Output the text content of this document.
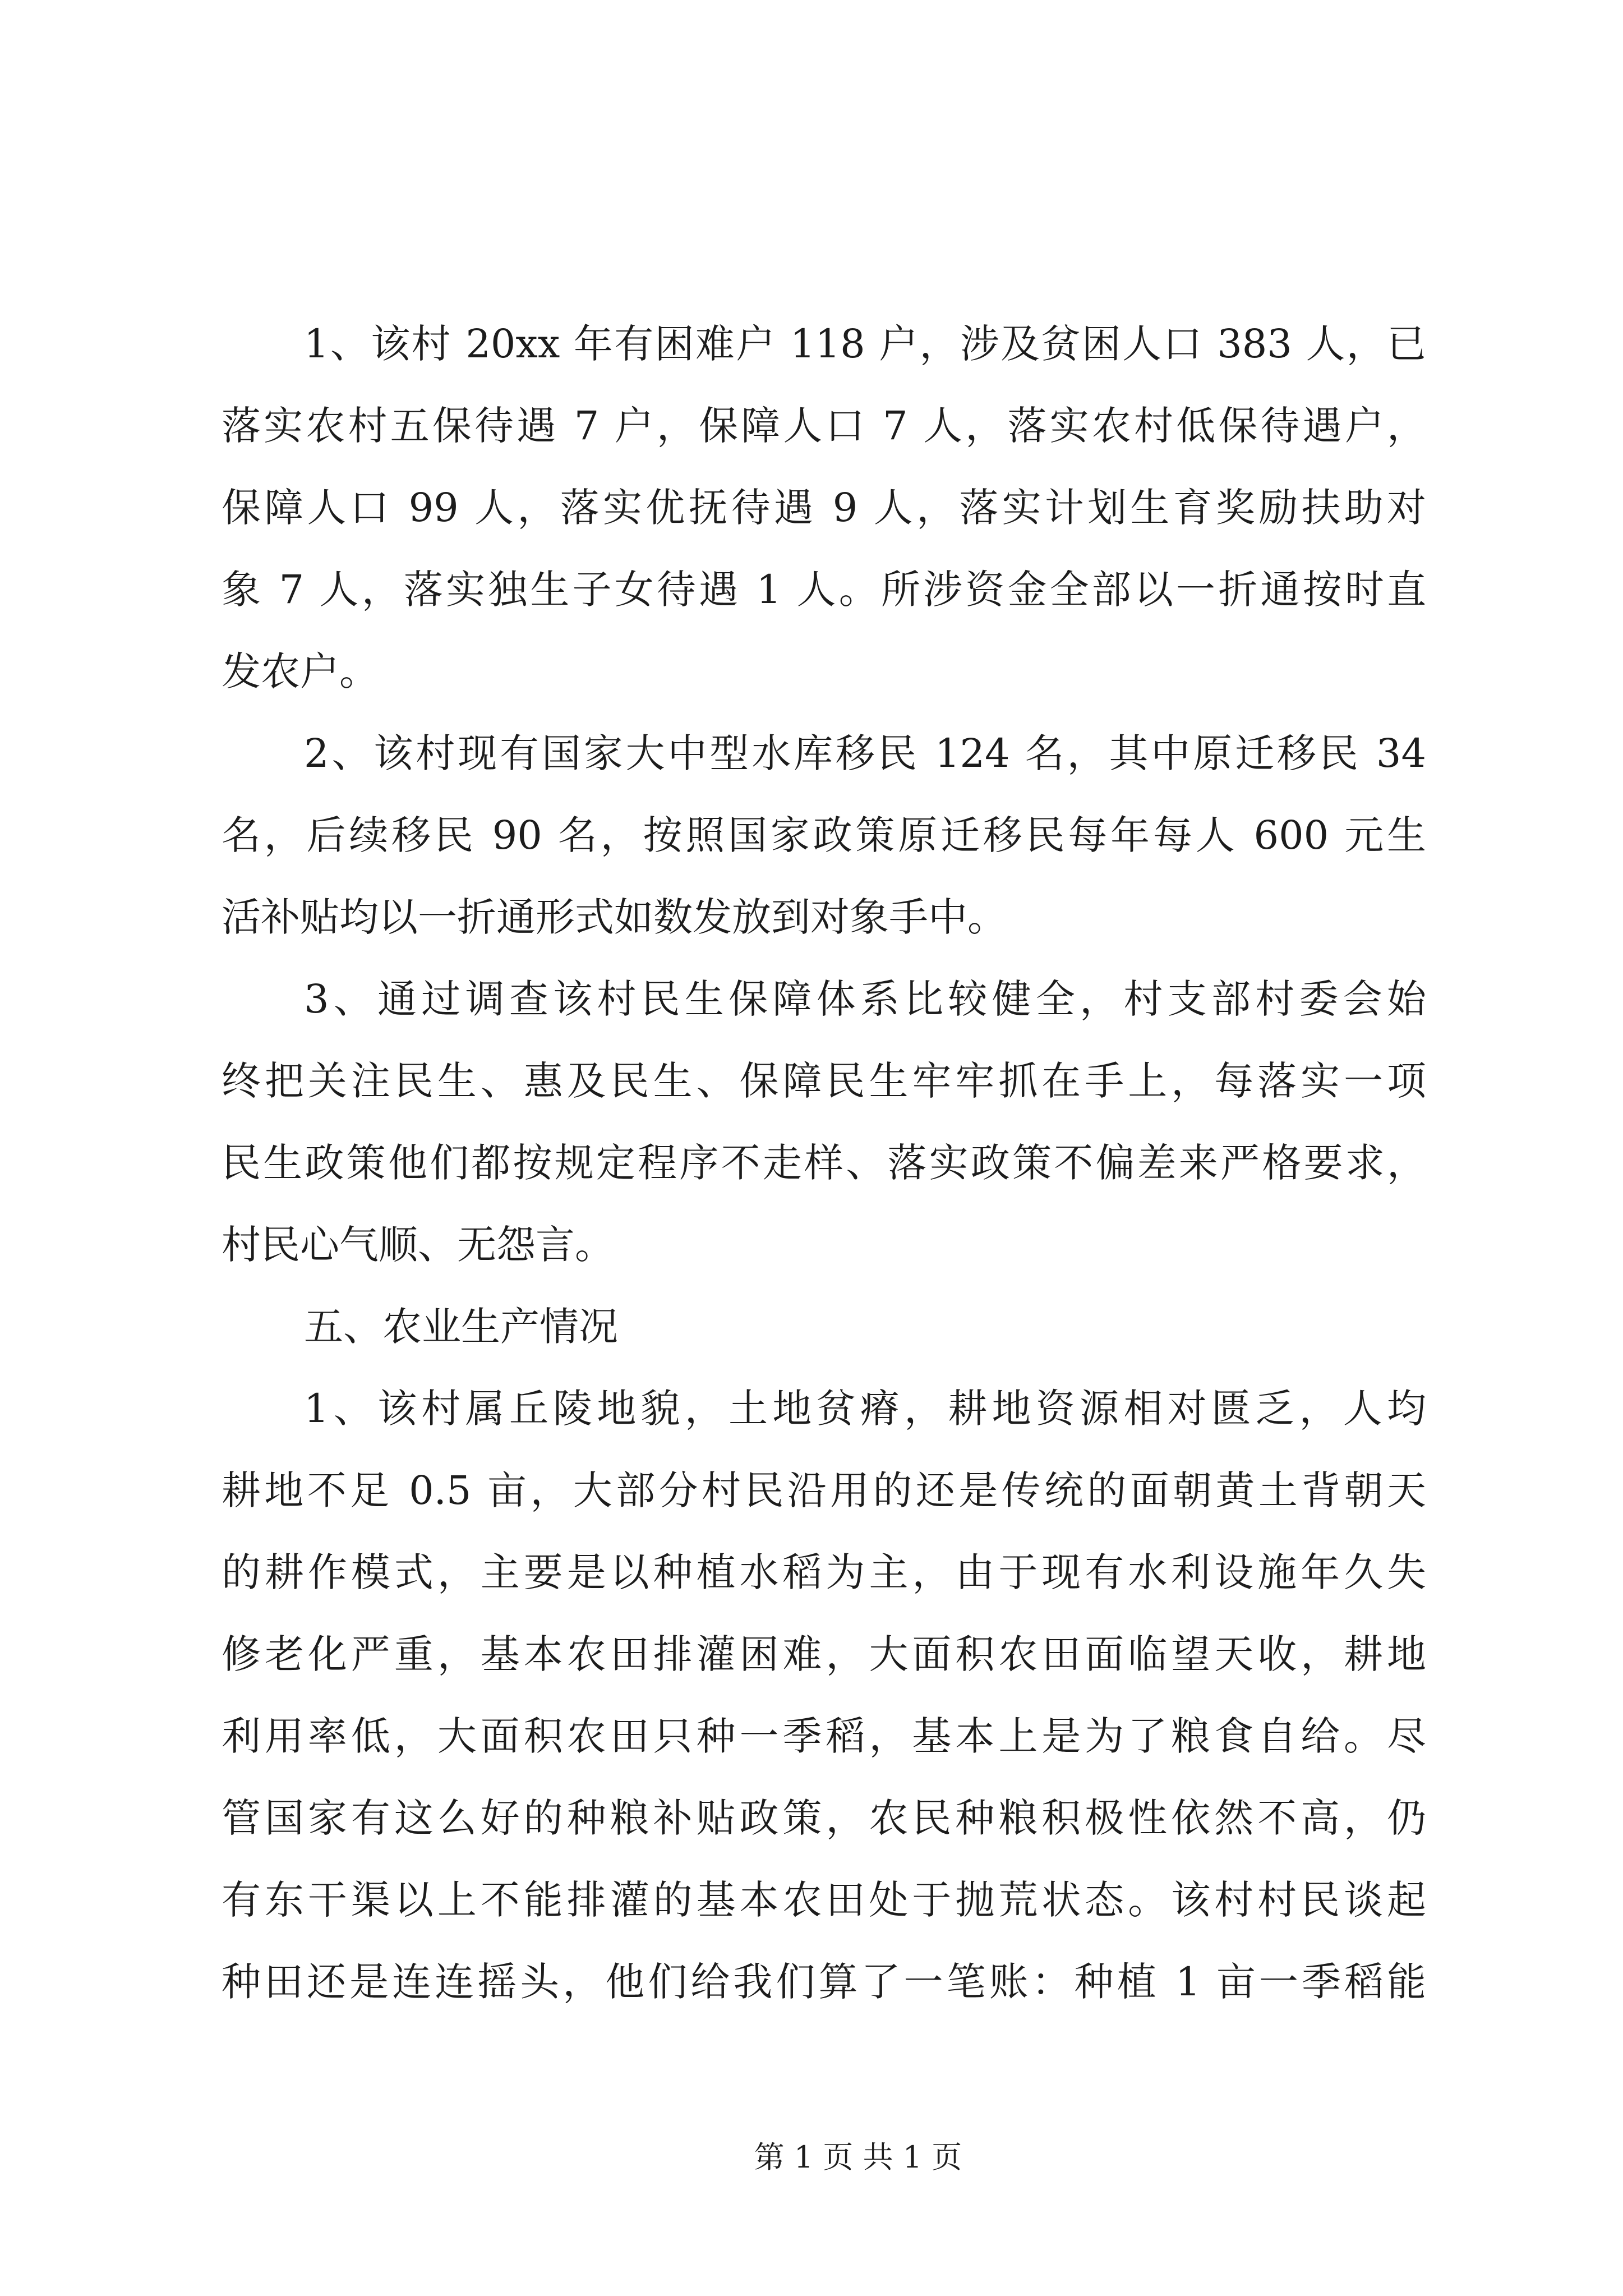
1、该村 20xx 年有困难户 118 户，涉及贫困人口 383 人，已
落实农村五保待遇 7 户，保障人口 7 人，落实农村低保待遇户，
保障人口 99 人，落实优抚待遇 9 人，落实计划生育奖励扶助对
象 7 人，落实独生子女待遇 1 人。所涉资金全部以一折通按时直
发农户。
2、该村现有国家大中型水库移民 124 名，其中原迁移民 34
名，后续移民 90 名，按照国家政策原迁移民每年每人 600 元生
活补贴均以一折通形式如数发放到对象手中。
3、通过调查该村民生保障体系比较健全，村支部村委会始
终把关注民生、惠及民生、保障民生牢牢抓在手上，每落实一项
民生政策他们都按规定程序不走样、落实政策不偏差来严格要求，
村民心气顺、无怨言。
五、农业生产情况
1、该村属丘陵地貌，土地贫瘠，耕地资源相对匮乏，人均
耕地不足 0.5 亩，大部分村民沿用的还是传统的面朝黄土背朝天
的耕作模式，主要是以种植水稻为主，由于现有水利设施年久失
修老化严重，基本农田排灌困难，大面积农田面临望天收，耕地
利用率低，大面积农田只种一季稻，基本上是为了粮食自给。尽
管国家有这么好的种粮补贴政策，农民种粮积极性依然不高，仍
有东干渠以上不能排灌的基本农田处于抛荒状态。该村村民谈起
种田还是连连摇头，他们给我们算了一笔账：种植 1 亩一季稻能
第 1 页 共 1 页
